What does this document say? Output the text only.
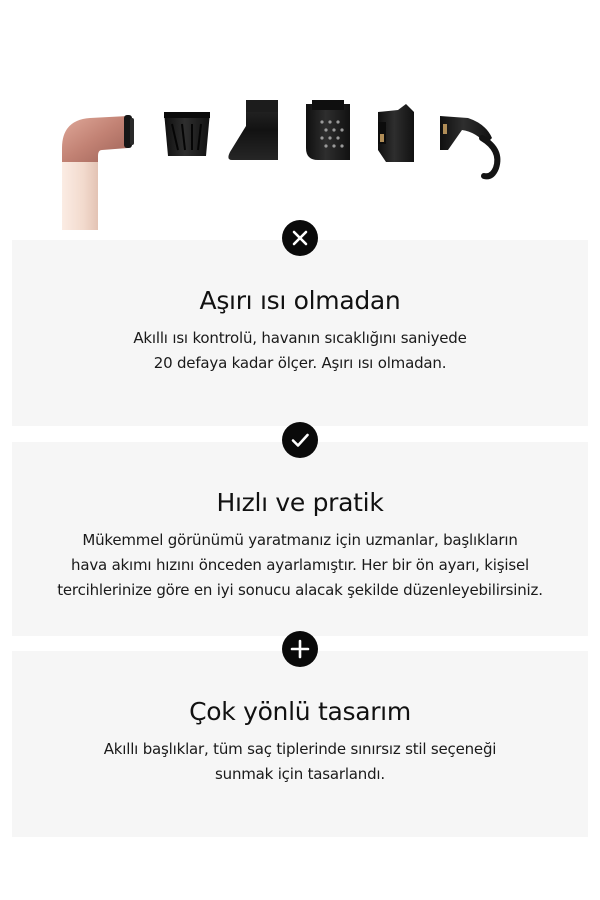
Aşırı ısı olmadan

Akıllı ısı kontrolü, havanın sıcaklığını saniyede
20 defaya kadar ölçer. Aşırı ısı olmadan.

Hızlı ve pratik

Mükemmel görünümü yaratmanız için uzmanlar, başlıkların
hava akımı hızını önceden ayarlamıştır. Her bir ön ayarı, kişisel
tercihlerinize göre en iyi sonucu alacak şekilde düzenleyebilirsiniz.

Çok yönlü tasarım

Akıllı başlıklar, tüm saç tiplerinde sınırsız stil seçeneği
sunmak için tasarlandı.
